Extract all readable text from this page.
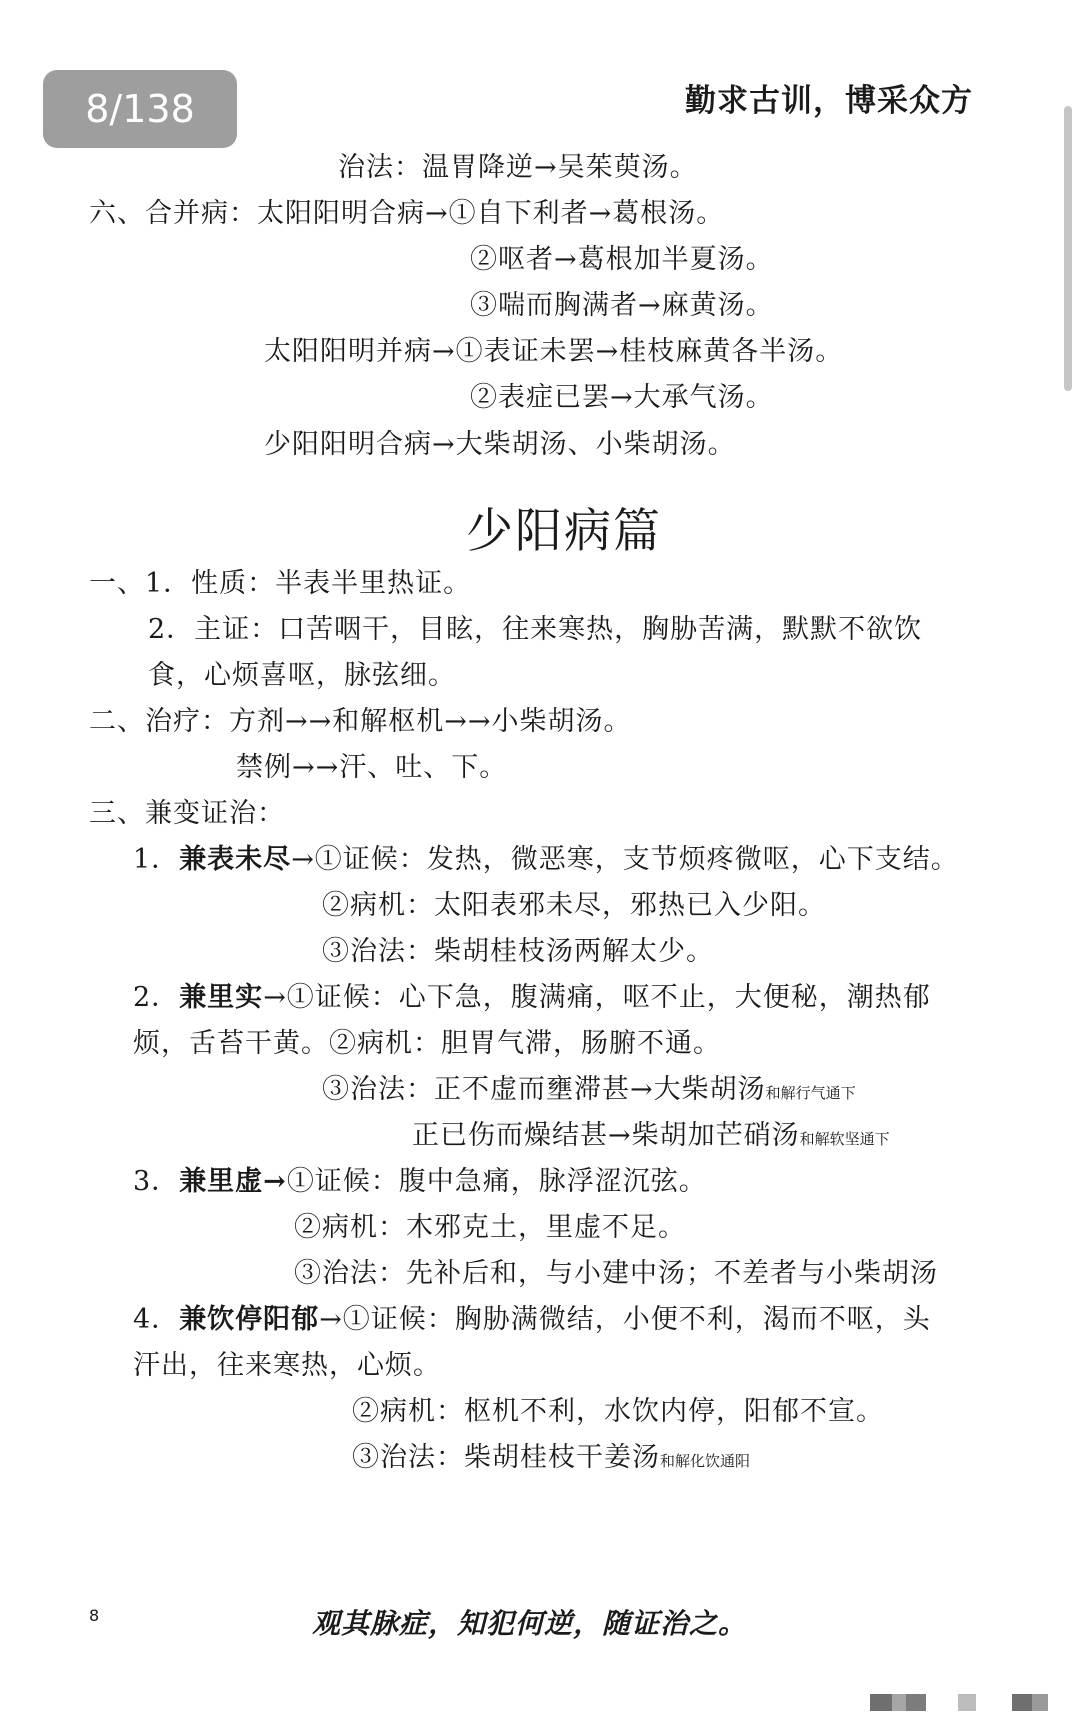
8/138	勤求古训，博采众方
治法：温胃降逆→吴茱萸汤。
六、合并病：太阳阳明合病→①自下利者→葛根汤。
②呕者→葛根加半夏汤。
③喘而胸满者→麻黄汤。
太阳阳明并病→①表证未罢→桂枝麻黄各半汤。
②表症已罢→大承气汤。
少阳阳明合病→大柴胡汤、小柴胡汤。
少阳病篇
一、1．性质：半表半里热证。
2．主证：口苦咽干，目眩，往来寒热，胸胁苦满，默默不欲饮
食，心烦喜呕，脉弦细。
二、治疗：方剂→→和解枢机→→小柴胡汤。
禁例→→汗、吐、下。
三、兼变证治：
1．兼表未尽→①证候：发热，微恶寒，支节烦疼微呕，心下支结。
②病机：太阳表邪未尽，邪热已入少阳。
③治法：柴胡桂枝汤两解太少。
2．兼里实→①证候：心下急，腹满痛，呕不止，大便秘，潮热郁
烦，舌苔干黄。②病机：胆胃气滞，肠腑不通。
③治法：正不虚而壅滞甚→大柴胡汤和解行气通下
正已伤而燥结甚→柴胡加芒硝汤和解软坚通下
3．兼里虚→①证候：腹中急痛，脉浮涩沉弦。
②病机：木邪克土，里虚不足。
③治法：先补后和，与小建中汤；不差者与小柴胡汤
4．兼饮停阳郁→①证候：胸胁满微结，小便不利，渴而不呕，头
汗出，往来寒热，心烦。
②病机：枢机不利，水饮内停，阳郁不宣。
③治法：柴胡桂枝干姜汤和解化饮通阳
8	观其脉症，知犯何逆，随证治之。
